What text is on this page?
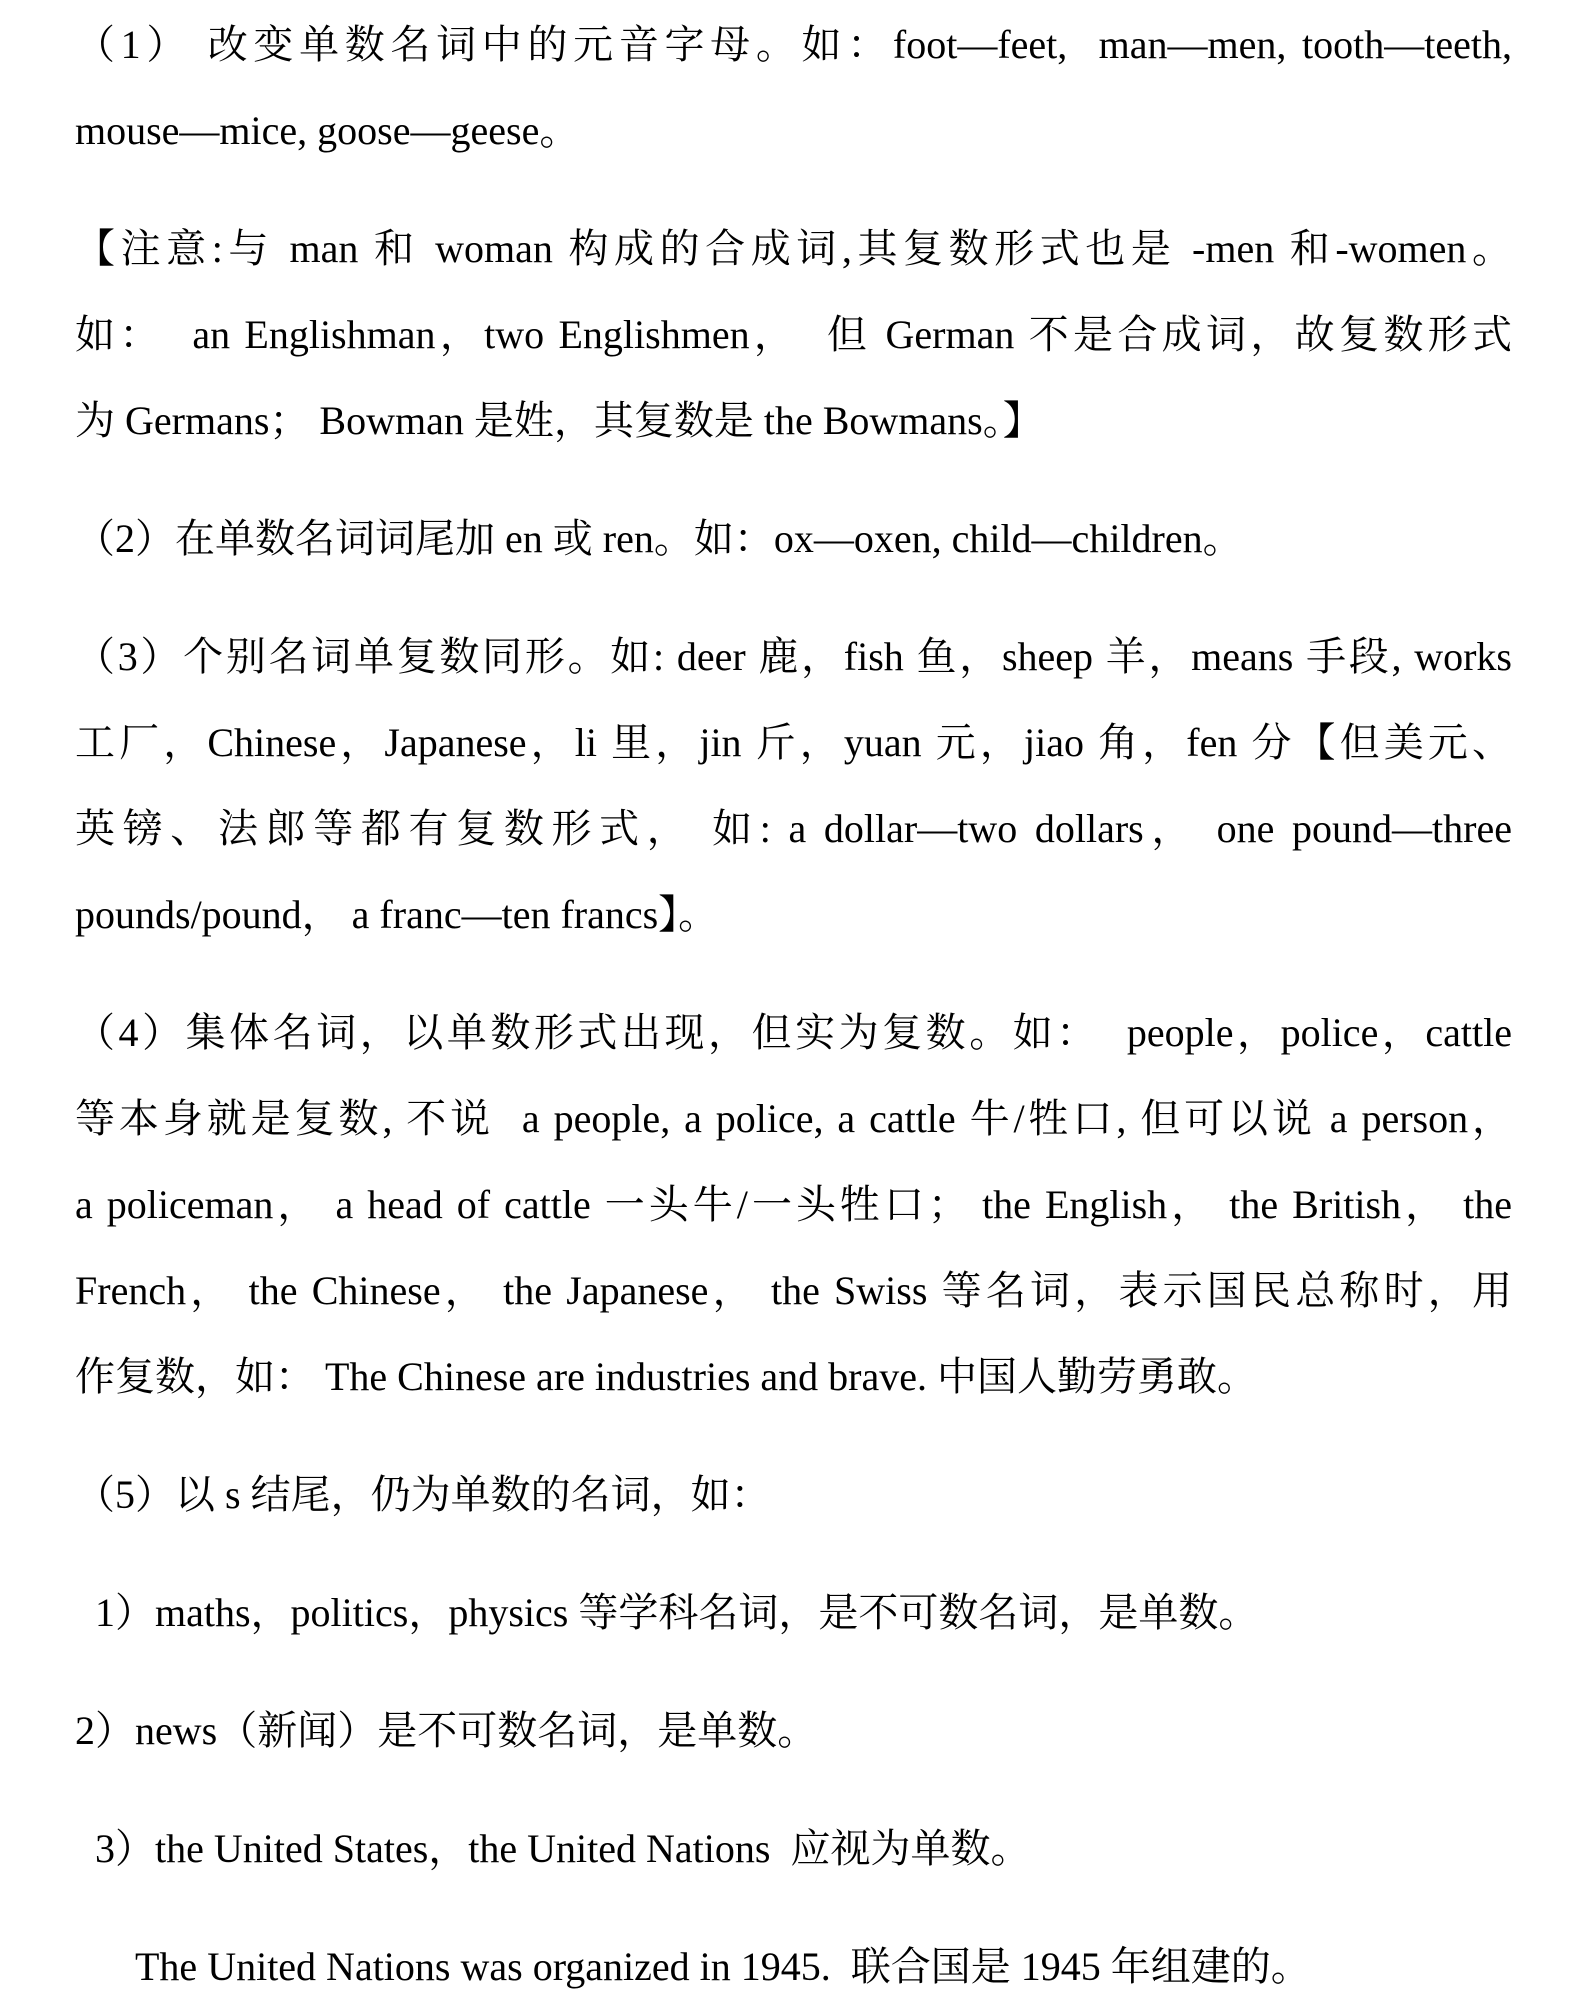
（1） 改变单数名词中的元音字母。如：foot—feet,  man—men, tooth—teeth,
mouse—mice, goose—geese。
【注意:与 man 和 woman 构成的合成词,其复数形式也是 -men 和-women。
如：  an Englishman，two Englishmen，  但 German 不是合成词，故复数形式
为 Germans； Bowman 是姓，其复数是 the Bowmans。】
（2）在单数名词词尾加 en 或 ren。如：ox—oxen, child—children。
（3）个别名词单复数同形。如: deer 鹿，fish 鱼，sheep 羊，means 手段, works
工厂，Chinese，Japanese，li 里，jin 斤，yuan 元，jiao 角，fen 分【但美元、
英镑、法郎等都有复数形式， 如: a dollar—two dollars， one pound—three
pounds/pound， a franc—ten francs】。
（4）集体名词，以单数形式出现，但实为复数。如：  people，police，cattle
等本身就是复数, 不说  a people, a police, a cattle 牛/牲口, 但可以说 a person，
a policeman， a head of cattle 一头牛/一头牲口； the English， the British， the
French， the Chinese， the Japanese， the Swiss 等名词，表示国民总称时，用
作复数，如： The Chinese are industries and brave. 中国人勤劳勇敢。
（5）以 s 结尾，仍为单数的名词，如：
1）maths，politics，physics 等学科名词，是不可数名词，是单数。
2）news（新闻）是不可数名词，是单数。
3）the United States，the United Nations  应视为单数。
The United Nations was organized in 1945.  联合国是 1945 年组建的。
